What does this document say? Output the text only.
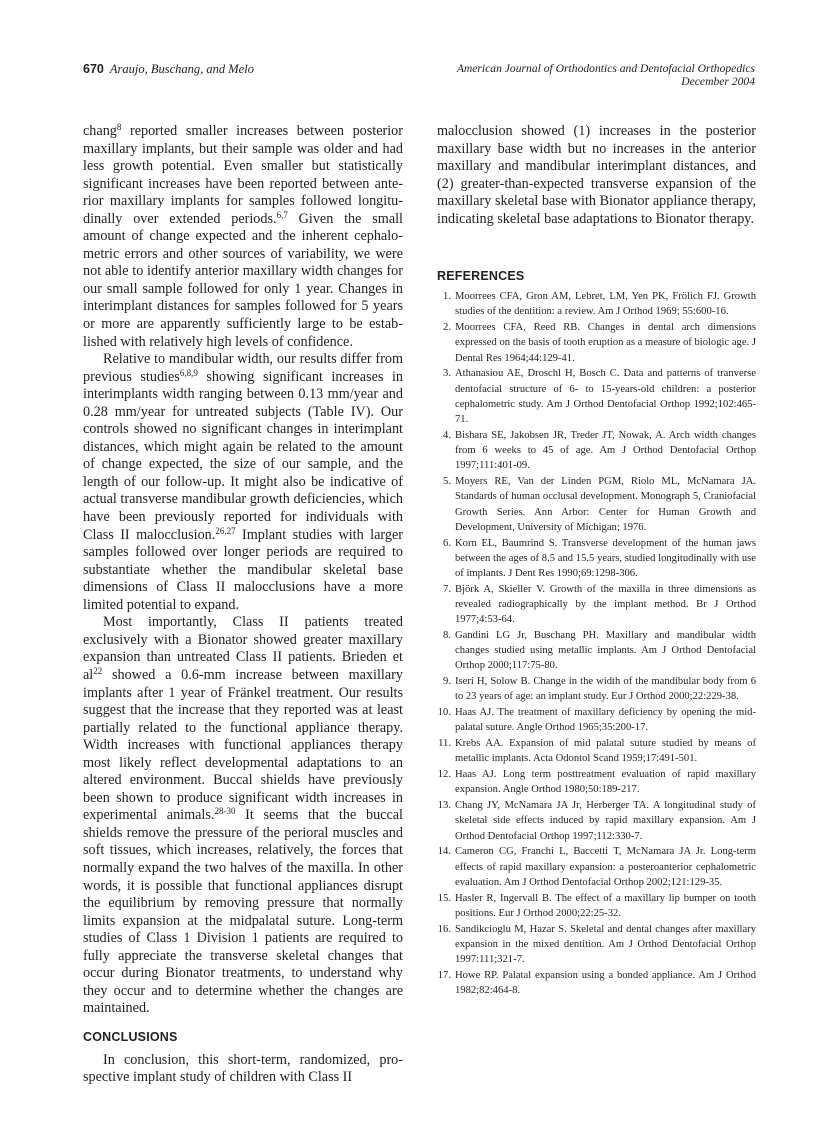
670 Araujo, Buschang, and Melo	American Journal of Orthodontics and Dentofacial Orthopedics
December 2004

chang$^8$ reported smaller increases between posterior maxillary implants, but their sample was older and had less growth potential. Even smaller but statistically significant increases have been reported between anterior maxillary implants for samples followed longitudinally over extended periods.$^{6,7}$ Given the small amount of change expected and the inherent cephalometric errors and other sources of variability, we were not able to identify anterior maxillary width changes for our small sample followed for only 1 year. Changes in interimplant distances for samples followed for 5 years or more are apparently sufficiently large to be established with relatively high levels of confidence.

Relative to mandibular width, our results differ from previous studies$^{6,8,9}$ showing significant increases in interimplants width ranging between 0.13 mm/year and 0.28 mm/year for untreated subjects (Table IV). Our controls showed no significant changes in interimplant distances, which might again be related to the amount of change expected, the size of our sample, and the length of our follow-up. It might also be indicative of actual transverse mandibular growth deficiencies, which have been previously reported for individuals with Class II malocclusion.$^{26,27}$ Implant studies with larger samples followed over longer periods are required to substantiate whether the mandibular skeletal base dimensions of Class II malocclusions have a more limited potential to expand.

Most importantly, Class II patients treated exclusively with a Bionator showed greater maxillary expansion than untreated Class II patients. Brieden et $al^{22}$ showed a 0.6-mm increase between maxillary implants after 1 year of Fränkel treatment. Our results suggest that the increase that they reported was at least partially related to the functional appliance therapy. Width increases with functional appliances therapy most likely reflect developmental adaptations to an altered environment. Buccal shields have previously been shown to produce significant width increases in experimental animals.$^{28-30}$ It seems that the buccal shields remove the pressure of the perioral muscles and soft tissues, which increases, relatively, the forces that normally expand the two halves of the maxilla. In other words, it is possible that functional appliances disrupt the equilibrium by removing pressure that normally limits expansion at the midpalatal suture. Long-term studies of Class 1 Division 1 patients are required to fully appreciate the transverse skeletal changes that occur during Bionator treatments, to understand why they occur and to determine whether the changes are maintained.

CONCLUSIONS

In conclusion, this short-term, randomized, prospective implant study of children with Class II

malocclusion showed (1) increases in the posterior maxillary base width but no increases in the anterior maxillary and mandibular interimplant distances, and (2) greater-than-expected transverse expansion of the maxillary skeletal base with Bionator appliance therapy, indicating skeletal base adaptations to Bionator therapy.

REFERENCES
1. Moorrees CFA, Gron AM, Lebret, LM, Yen PK, Frölich FJ. Growth studies of the dentition: a review. Am J Orthod 1969; 55:600-16.
2. Moorrees CFA, Reed RB. Changes in dental arch dimensions expressed on the basis of tooth eruption as a measure of biologic age. J Dental Res 1964;44:129-41.
3. Athanasiou AE, Droschl H, Bosch C. Data and patterns of tranverse dentofacial structure of 6- to 15-years-old children: a posterior cephalometric study. Am J Orthod Dentofacial Orthop 1992;102:465-71.
4. Bishara SE, Jakobsen JR, Treder JT, Nowak, A. Arch width changes from 6 weeks to 45 of age. Am J Orthod Dentofacial Orthop 1997;111:401-09.
5. Moyers RE, Van der Linden PGM, Riolo ML, McNamara JA. Standards of human occlusal development. Monograph 5, Craniofacial Growth Series. Ann Arbor: Center for Human Growth and Development, University of Michigan; 1976.
6. Korn EL, Baumrind S. Transverse development of the human jaws between the ages of 8.5 and 15.5 years, studied longitudinally with use of implants. J Dent Res 1990;69:1298-306.
7. Björk A, Skieller V. Growth of the maxilla in three dimensions as revealed radiographically by the implant method. Br J Orthod 1977;4:53-64.
8. Gandini LG Jr, Buschang PH. Maxillary and mandibular width changes studied using metallic implants. Am J Orthod Dentofacial Orthop 2000;117:75-80.
9. Iseri H, Solow B. Change in the width of the mandibular body from 6 to 23 years of age: an implant study. Eur J Orthod 2000;22:229-38.
10. Haas AJ. The treatment of maxillary deficiency by opening the mid-palatal suture. Angle Orthod 1965;35:200-17.
11. Krebs AA. Expansion of mid palatal suture studied by means of metallic implants. Acta Odontol Scand 1959;17:491-501.
12. Haas AJ. Long term posttreatment evaluation of rapid maxillary expansion. Angle Orthod 1980;50:189-217.
13. Chang JY, McNamara JA Jr, Herberger TA. A longitudinal study of skeletal side effects induced by rapid maxillary expansion. Am J Orthod Dentofacial Orthop 1997;112:330-7.
14. Cameron CG, Franchi L, Baccetti T, McNamara JA Jr. Long-term effects of rapid maxillary expansion: a posteroanterior cephalometric evaluation. Am J Orthod Dentofacial Orthop 2002;121:129-35.
15. Hasler R, Ingervall B. The effect of a maxillary lip bumper on tooth positions. Eur J Orthod 2000;22:25-32.
16. Sandikcioglu M, Hazar S. Skeletal and dental changes after maxillary expansion in the mixed dentition. Am J Orthod Dentofacial Orthop 1997:111;321-7.
17. Howe RP. Palatal expansion using a bonded appliance. Am J Orthod 1982;82:464-8.
